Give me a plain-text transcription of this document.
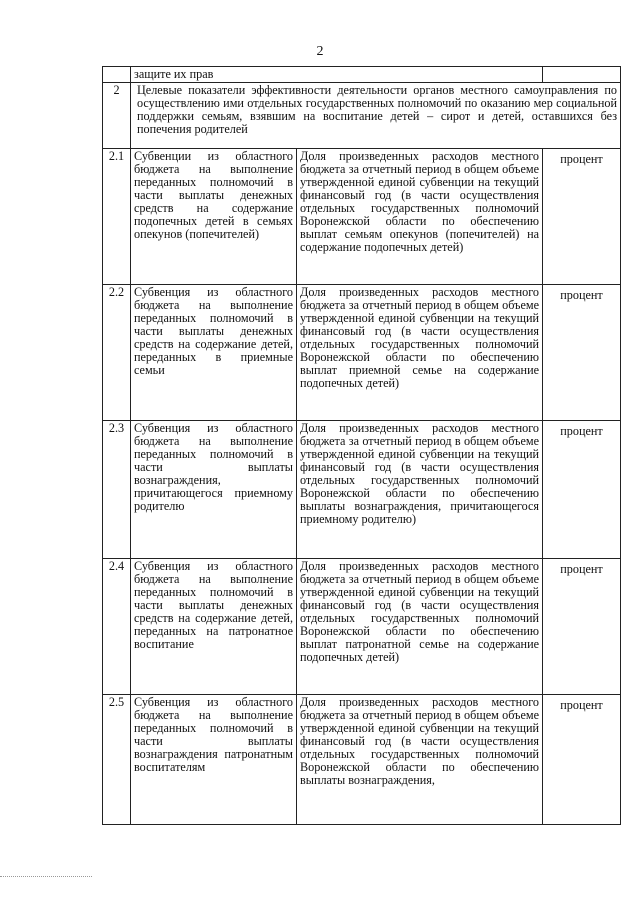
2
	защите их прав		
2	Целевые показатели эффективности деятельности органов местного самоуправления по осуществлению ими отдельных государственных полномочий по оказанию мер социальной поддержки семьям, взявшим на воспитание детей – сирот и детей, оставшихся без попечения родителей		
2.1	Субвенции из областного бюджета на выполнение переданных полномочий в части выплаты денежных средств на содержание подопечных детей в семьях опекунов (попечителей)	Доля произведенных расходов местного бюджета за отчетный период в общем объеме утвержденной единой субвенции на текущий финансовый год (в части осуществления отдельных государственных полномочий Воронежской области по обеспечению выплат семьям опекунов (попечителей) на содержание подопечных детей)	процент
2.2	Субвенция из областного бюджета на выполнение переданных полномочий в части выплаты денежных средств на содержание детей, переданных в приемные семьи	Доля произведенных расходов местного бюджета за отчетный период в общем объеме утвержденной единой субвенции на текущий финансовый год (в части осуществления отдельных государственных полномочий Воронежской области по обеспечению выплат приемной семье на содержание подопечных детей)	процент
2.3	Субвенция из областного бюджета на выполнение переданных полномочий в части выплаты вознаграждения, причитающегося приемному родителю	Доля произведенных расходов местного бюджета за отчетный период в общем объеме утвержденной единой субвенции на текущий финансовый год (в части осуществления отдельных государственных полномочий Воронежской области по обеспечению выплаты вознаграждения, причитающегося приемному родителю)	процент
2.4	Субвенция из областного бюджета на выполнение переданных полномочий в части выплаты денежных средств на содержание детей, переданных на патронатное воспитание	Доля произведенных расходов местного бюджета за отчетный период в общем объеме утвержденной единой субвенции на текущий финансовый год (в части осуществления отдельных государственных полномочий Воронежской области по обеспечению выплат патронатной семье на содержание подопечных детей)	процент
2.5	Субвенция из областного бюджета на выполнение переданных полномочий в части выплаты вознаграждения патронатным воспитателям	Доля произведенных расходов местного бюджета за отчетный период в общем объеме утвержденной единой субвенции на текущий финансовый год (в части осуществления отдельных государственных полномочий Воронежской области по обеспечению выплаты вознаграждения,	процент
